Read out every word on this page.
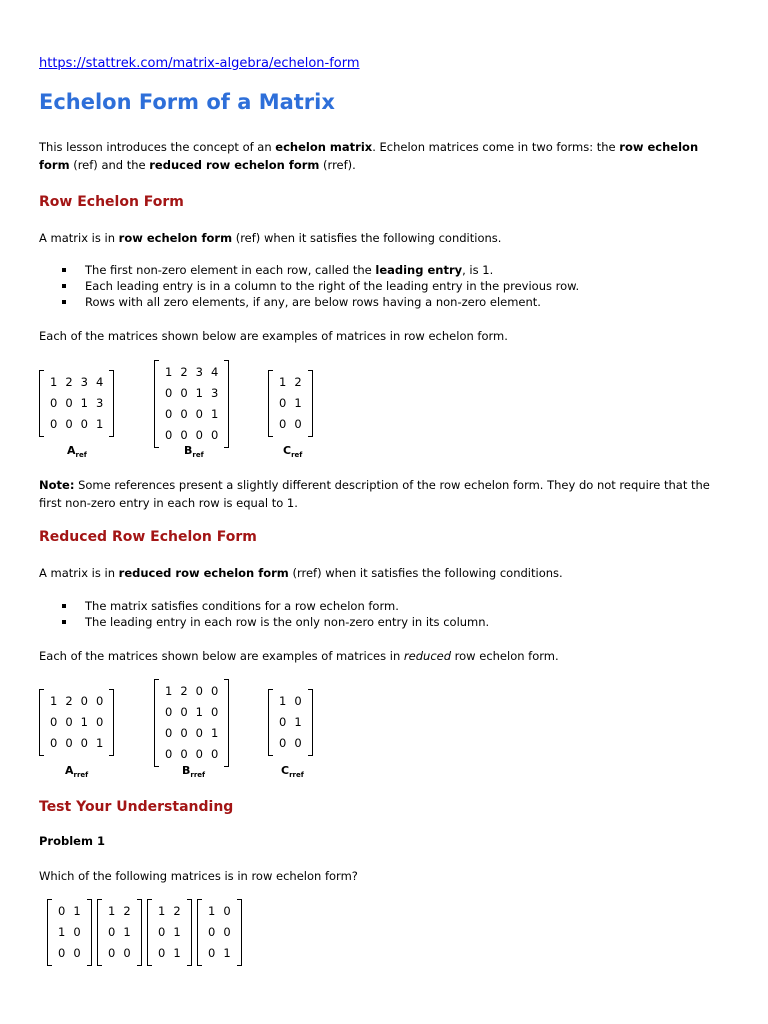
https://stattrek.com/matrix-algebra/echelon-form
Echelon Form of a Matrix

This lesson introduces the concept of an echelon matrix. Echelon matrices come in two forms: the row echelon form (ref) and the reduced row echelon form (rref).

Row Echelon Form

A matrix is in row echelon form (ref) when it satisfies the following conditions.

The first non-zero element in each row, called the leading entry, is 1.
Each leading entry is in a column to the right of the leading entry in the previous row.
Rows with all zero elements, if any, are below rows having a non-zero element.

Each of the matrices shown below are examples of matrices in row echelon form.

1	2	3	4
0	0	1	3
0	0	0	1
1	2	3	4
0	0	1	3
0	0	0	1
0	0	0	0
1	2
0	1
0	0
$A_{ref}$	$B_{ref}$	$C_{ref}$

Note: Some references present a slightly different description of the row echelon form. They do not require that the first non-zero entry in each row is equal to 1.

Reduced Row Echelon Form

A matrix is in reduced row echelon form (rref) when it satisfies the following conditions.

The matrix satisfies conditions for a row echelon form.
The leading entry in each row is the only non-zero entry in its column.

Each of the matrices shown below are examples of matrices in reduced row echelon form.

1	2	0	0
0	0	1	0
0	0	0	1
1	2	0	0
0	0	1	0
0	0	0	1
0	0	0	0
1	0
0	1
0	0
$A_{rref}$	$B_{rref}$	$C_{rref}$
Test Your Understanding
Problem 1

Which of the following matrices is in row echelon form?

0	1
1	0
0	0
1	2
0	1
0	0
1	2
0	1
0	1
1	0
0	0
0	1
